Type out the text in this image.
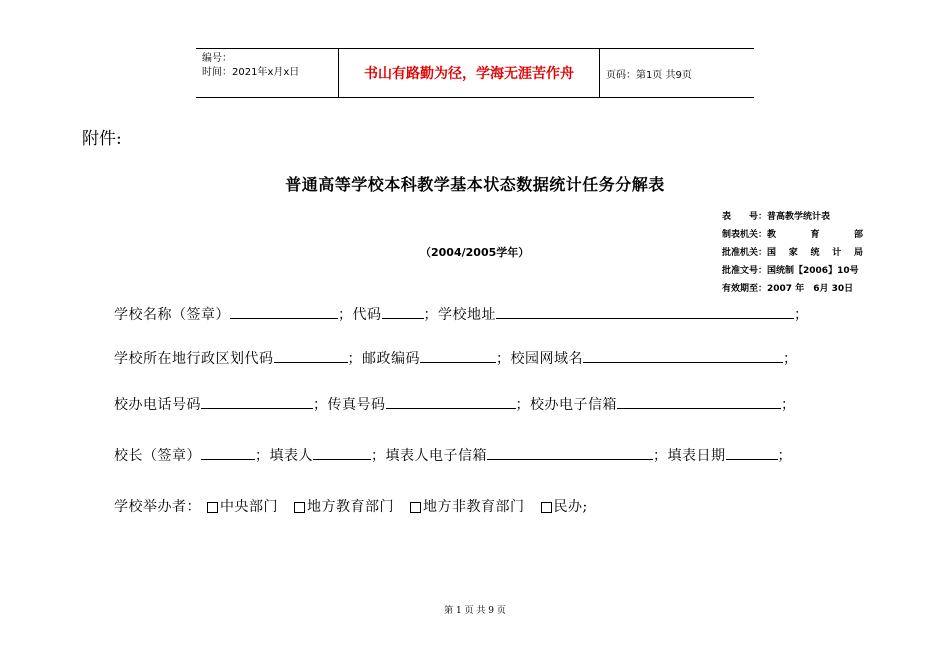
编号：
时间：2021年x月x日	书山有路勤为径，学海无涯苦作舟	页码：第1页 共9页
附件:
普通高等学校本科教学基本状态数据统计任务分解表
（2004/2005学年）
表　　号：普高教学统计表
制表机关：教　育　部
批准机关：国 家 统 计 局
批准文号：国统制【2006】10号
有效期至：2007 年　6月 30日
学校名称（签章）	；代码	；学校地址	；
学校所在地行政区划代码	；邮政编码	；校园网域名	；
校办电话号码	；传真号码	；校办电子信箱	；
校长（签章）	；填表人	；填表人电子信箱	；填表日期	；
学校举办者： 中央部门 地方教育部门 地方非教育部门 民办;
第 1 页 共 9 页
